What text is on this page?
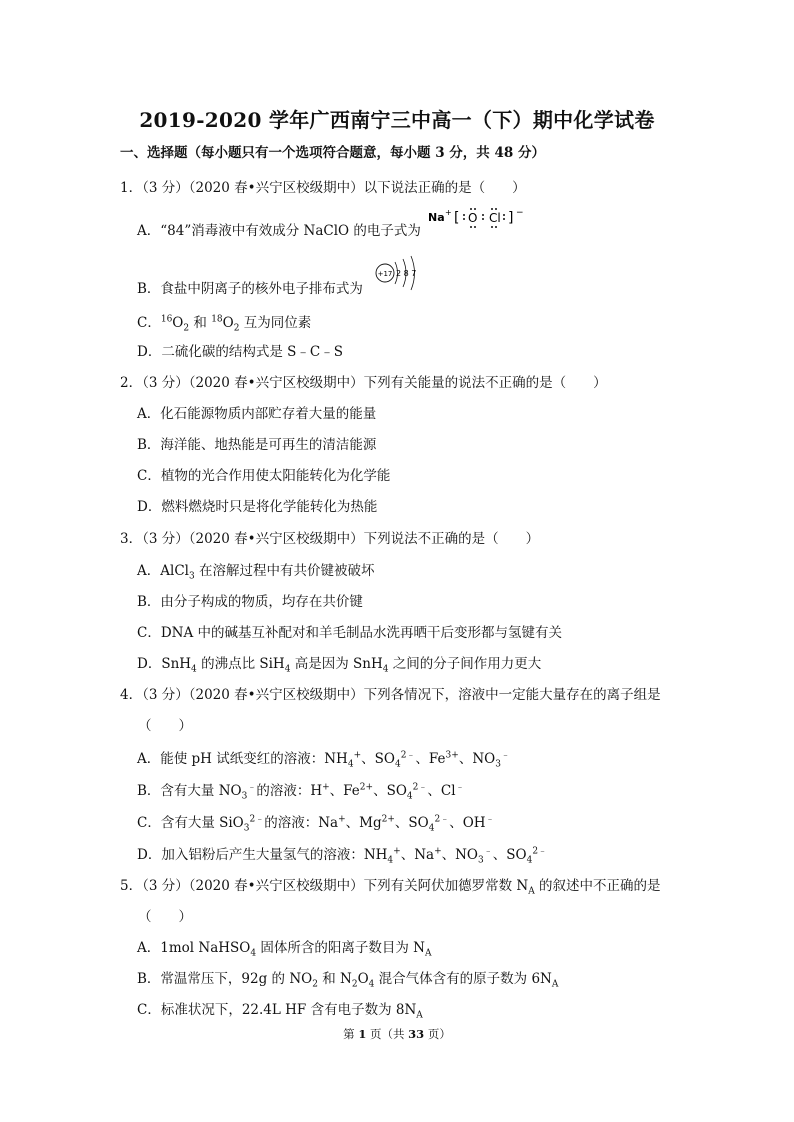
2019-2020 学年广西南宁三中高一（下）期中化学试卷
一、选择题（每小题只有一个选项符合题意，每小题 3 分，共 48 分）
1．（3 分）（2020 春•兴宁区校级期中）以下说法正确的是（　　）
A．“84”消毒液中有效成分 NaClO 的电子式为
Na + [ O Cl ] −
B．食盐中阴离子的核外电子排布式为
+17 2 8 7
C．$^{16}O_2$ 和 $^{18}O_2$ 互为同位素
D．二硫化碳的结构式是 S﹣C﹣S
2．（3 分）（2020 春•兴宁区校级期中）下列有关能量的说法不正确的是（　　）
A．化石能源物质内部贮存着大量的能量
B．海洋能、地热能是可再生的清洁能源
C．植物的光合作用使太阳能转化为化学能
D．燃料燃烧时只是将化学能转化为热能
3．（3 分）（2020 春•兴宁区校级期中）下列说法不正确的是（　　）
A．AlCl$_3$ 在溶解过程中有共价键被破坏
B．由分子构成的物质，均存在共价键
C．DNA 中的碱基互补配对和羊毛制品水洗再晒干后变形都与氢键有关
D．SnH$_4$ 的沸点比 SiH$_4$ 高是因为 SnH$_4$ 之间的分子间作用力更大
4．（3 分）（2020 春•兴宁区校级期中）下列各情况下，溶液中一定能大量存在的离子组是
（　　）
A．能使 pH 试纸变红的溶液：$NH_4^+$、$SO_4^{2﹣}$、$Fe^{3+}$、$NO_3^﹣$
B．含有大量 $NO_3^﹣$的溶液：H+、$Fe^{2+}$、$SO_4^{2﹣}$、Cl﹣
C．含有大量 SiO$_3^{2﹣}$的溶液：Na+、$Mg^{2+}$、$SO_4^{2﹣}$、OH﹣
D．加入铝粉后产生大量氢气的溶液：$NH_4^+$、Na+、$NO_3^﹣$、$SO_4^{2﹣}$
5．（3 分）（2020 春•兴宁区校级期中）下列有关阿伏加德罗常数 $N_A$ 的叙述中不正确的是
（　　）
A．1mol NaHSO$_4$ 固体所含的阳离子数目为 $N_A$
B．常温常压下，92g 的 $NO_2$ 和 $N_2O_4$ 混合气体含有的原子数为 $6N_A$
C．标准状况下，22.4L HF 含有电子数为 $8N_A$
第 1 页（共 33 页）
